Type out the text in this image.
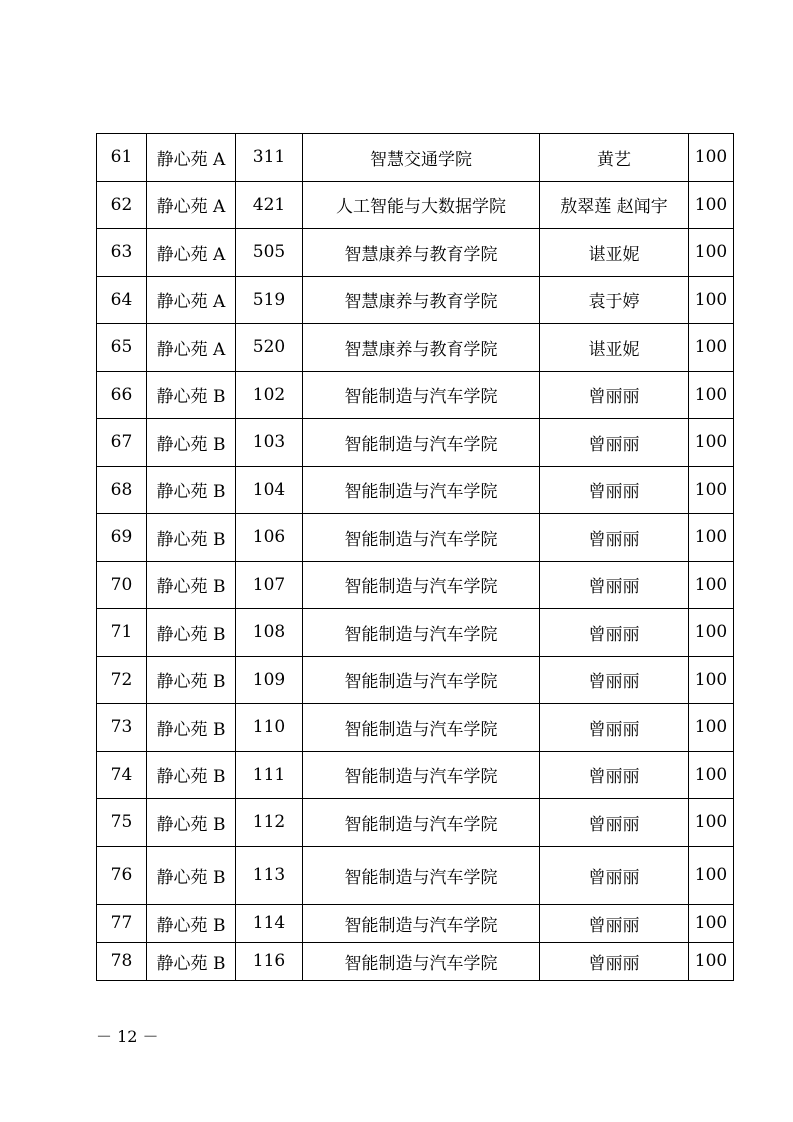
61	静心苑 A	311	智慧交通学院	黄艺	100
62	静心苑 A	421	人工智能与大数据学院	敖翠莲 赵闻宇	100
63	静心苑 A	505	智慧康养与教育学院	谌亚妮	100
64	静心苑 A	519	智慧康养与教育学院	袁于婷	100
65	静心苑 A	520	智慧康养与教育学院	谌亚妮	100
66	静心苑 B	102	智能制造与汽车学院	曾丽丽	100
67	静心苑 B	103	智能制造与汽车学院	曾丽丽	100
68	静心苑 B	104	智能制造与汽车学院	曾丽丽	100
69	静心苑 B	106	智能制造与汽车学院	曾丽丽	100
70	静心苑 B	107	智能制造与汽车学院	曾丽丽	100
71	静心苑 B	108	智能制造与汽车学院	曾丽丽	100
72	静心苑 B	109	智能制造与汽车学院	曾丽丽	100
73	静心苑 B	110	智能制造与汽车学院	曾丽丽	100
74	静心苑 B	111	智能制造与汽车学院	曾丽丽	100
75	静心苑 B	112	智能制造与汽车学院	曾丽丽	100
76	静心苑 B	113	智能制造与汽车学院	曾丽丽	100
77	静心苑 B	114	智能制造与汽车学院	曾丽丽	100
78	静心苑 B	116	智能制造与汽车学院	曾丽丽	100
－ 12 －
